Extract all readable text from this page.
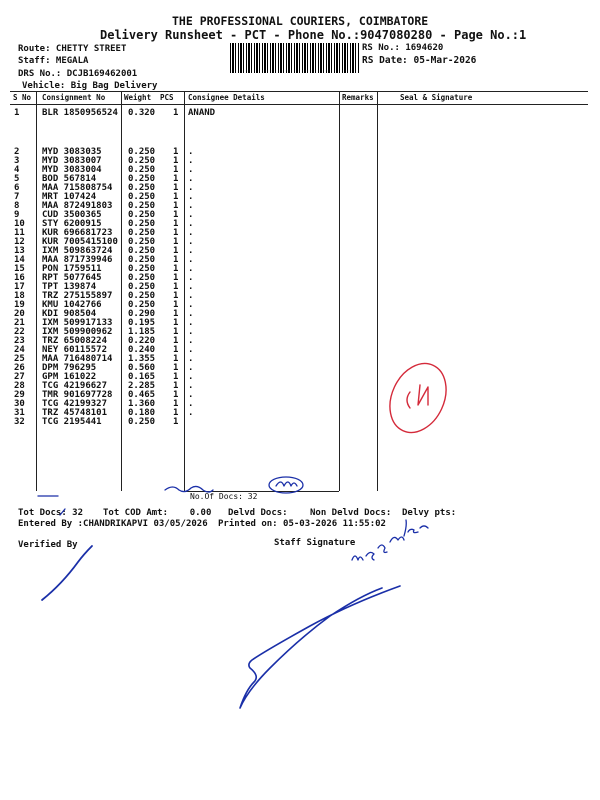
THE PROFESSIONAL COURIERS, COIMBATORE
Delivery Runsheet - PCT - Phone No.:9047080280 - Page No.:1
Route: CHETTY STREET
Staff: MEGALA
DRS No.: DCJB169462001
Vehicle: Big Bag Delivery
RS No.: 1694620
RS Date: 05-Mar-2026
S No Consignment No	Weight PCS Consignee Details	Remarks	Seal & Signature
1	BLR 1850956524 0.320 1 ANAND
2	MYD 3083035	0.250 1 .
3	MYD 3083007	0.250 1 .
4	MYD 3083004	0.250 1 .
5	BOD 567814	0.250 1 .
6	MAA 715808754 0.250 1 .
7	MRT 107424	0.250 1 .
8	MAA 872491803 0.250 1 .
9	CUD 3500365	0.250 1 .
10 STY 6200915	0.250 1 .
11 KUR 696681723 0.250 1 .
12 KUR 7005415100 0.250 1 .
13 IXM 509863724 0.250 1 .
14 MAA 871739946 0.250 1 .
15 PON 1759511	0.250 1 .
16 RPT 5077645	0.250 1 .
17 TPT 139874	0.250 1 .
18 TRZ 275155897 0.250 1 .
19 KMU 1042766	0.250 1 .
20 KDI 908504	0.290 1 .
21 IXM 509917133 0.195 1 .
22 IXM 509900962 1.185 1 .
23 TRZ 65008224 0.220 1 .
24 NEY 60115572 0.240 1 .
25 MAA 716480714 1.355 1 .
26 DPM 796295	0.560 1 .
27 GPM 161022	0.165 1 .
28 TCG 42196627 2.285 1 .
29 TMR 901697728 0.465 1 .
30 TCG 42199327 1.360 1 .
31 TRZ 45748101 0.180 1 .
32 TCG 2195441	0.250 1
No.Of Docs: 32
Tot Docs: 32 Tot COD Amt:    0.00 Delvd Docs: Non Delvd Docs: Delvy pts:
Entered By :CHANDRIKAPVI 03/05/2026 Printed on: 05-03-2026 11:55:02
Verified By	Staff Signature
